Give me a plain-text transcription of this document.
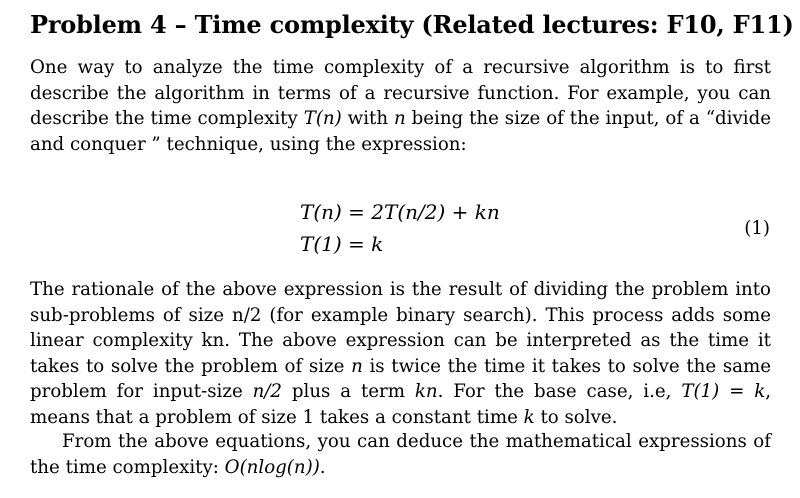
Problem 4 – Time complexity (Related lectures: F10, F11)

One way to analyze the time complexity of a recursive algorithm is to first describe the algorithm in terms of a recursive function. For example, you can describe the time complexity T(n) with n being the size of the input, of a “divide and conquer ” technique, using the expression:

T(n) = 2T(n/2) + kn
T(1) = k
(1)

The rationale of the above expression is the result of dividing the problem into sub-problems of size n/2 (for example binary search). This process adds some linear complexity kn. The above expression can be interpreted as the time it takes to solve the problem of size n is twice the time it takes to solve the same problem for input-size n/2 plus a term kn. For the base case, i.e, T(1) = k, means that a problem of size 1 takes a constant time k to solve.

From the above equations, you can deduce the mathematical expressions of the time complexity: O(nlog(n)).
